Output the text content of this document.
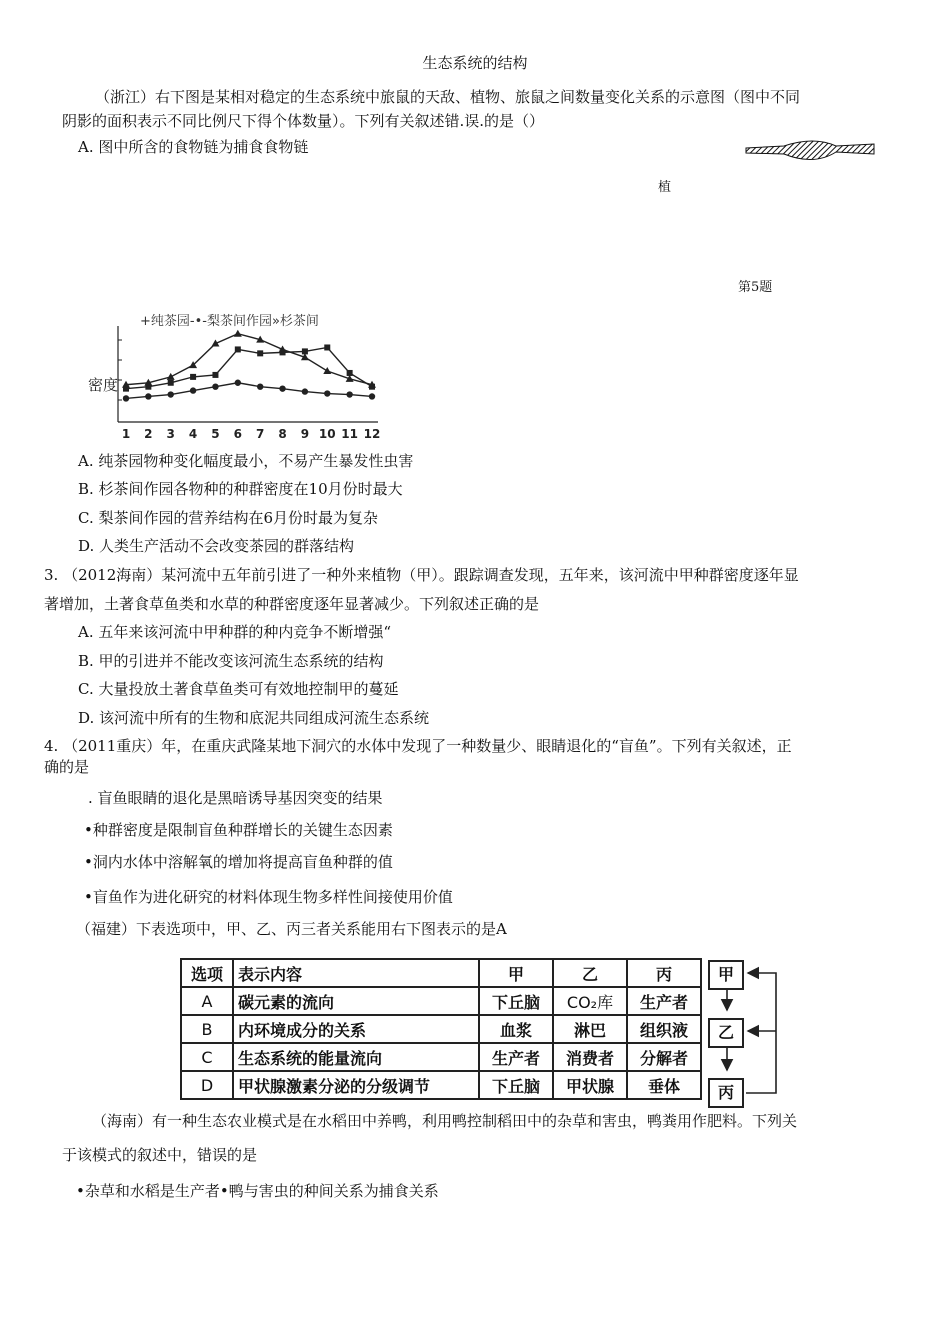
生态系统的结构
（浙江）右下图是某相对稳定的生态系统中旅鼠的天敌、植物、旅鼠之间数量变化关系的示意图（图中不同
阴影的面积表示不同比例尺下得个体数量）。下列有关叙述错.误.的是（）
A. 图中所含的食物链为捕食食物链
植
第5题
+纯茶园-•-梨茶间作园»杉茶间
密度
1 2 3 4 5 6 7 8 9 10 11 12
A. 纯茶园物种变化幅度最小，不易产生暴发性虫害
B. 杉茶间作园各物种的种群密度在10月份时最大
C. 梨茶间作园的营养结构在6月份时最为复杂
D. 人类生产活动不会改变茶园的群落结构
3. （2012海南）某河流中五年前引进了一种外来植物（甲）。跟踪调查发现，五年来，该河流中甲种群密度逐年显
著增加，土著食草鱼类和水草的种群密度逐年显著减少。下列叙述正确的是
A. 五年来该河流中甲种群的种内竞争不断增强“
B. 甲的引进并不能改变该河流生态系统的结构
C. 大量投放土著食草鱼类可有效地控制甲的蔓延
D. 该河流中所有的生物和底泥共同组成河流生态系统
4. （2011重庆）年，在重庆武隆某地下洞穴的水体中发现了一种数量少、眼睛退化的“盲鱼”。下列有关叙述，正
确的是
. 盲鱼眼睛的退化是黑暗诱导基因突变的结果
•种群密度是限制盲鱼种群增长的关键生态因素
•洞内水体中溶解氧的增加将提高盲鱼种群的值
•盲鱼作为进化研究的材料体现生物多样性间接使用价值
（福建）下表选项中，甲、乙、丙三者关系能用右下图表示的是A
选项	表示内容	甲	乙	丙
A	碳元素的流向	下丘脑	CO₂库	生产者
B	内环境成分的关系	血浆	淋巴	组织液
C	生态系统的能量流向	生产者	消费者	分解者
D	甲状腺激素分泌的分级调节	下丘脑	甲状腺	垂体
甲
乙
丙
（海南）有一种生态农业模式是在水稻田中养鸭，利用鸭控制稻田中的杂草和害虫，鸭粪用作肥料。下列关
于该模式的叙述中，错误的是
•杂草和水稻是生产者•鸭与害虫的种间关系为捕食关系
